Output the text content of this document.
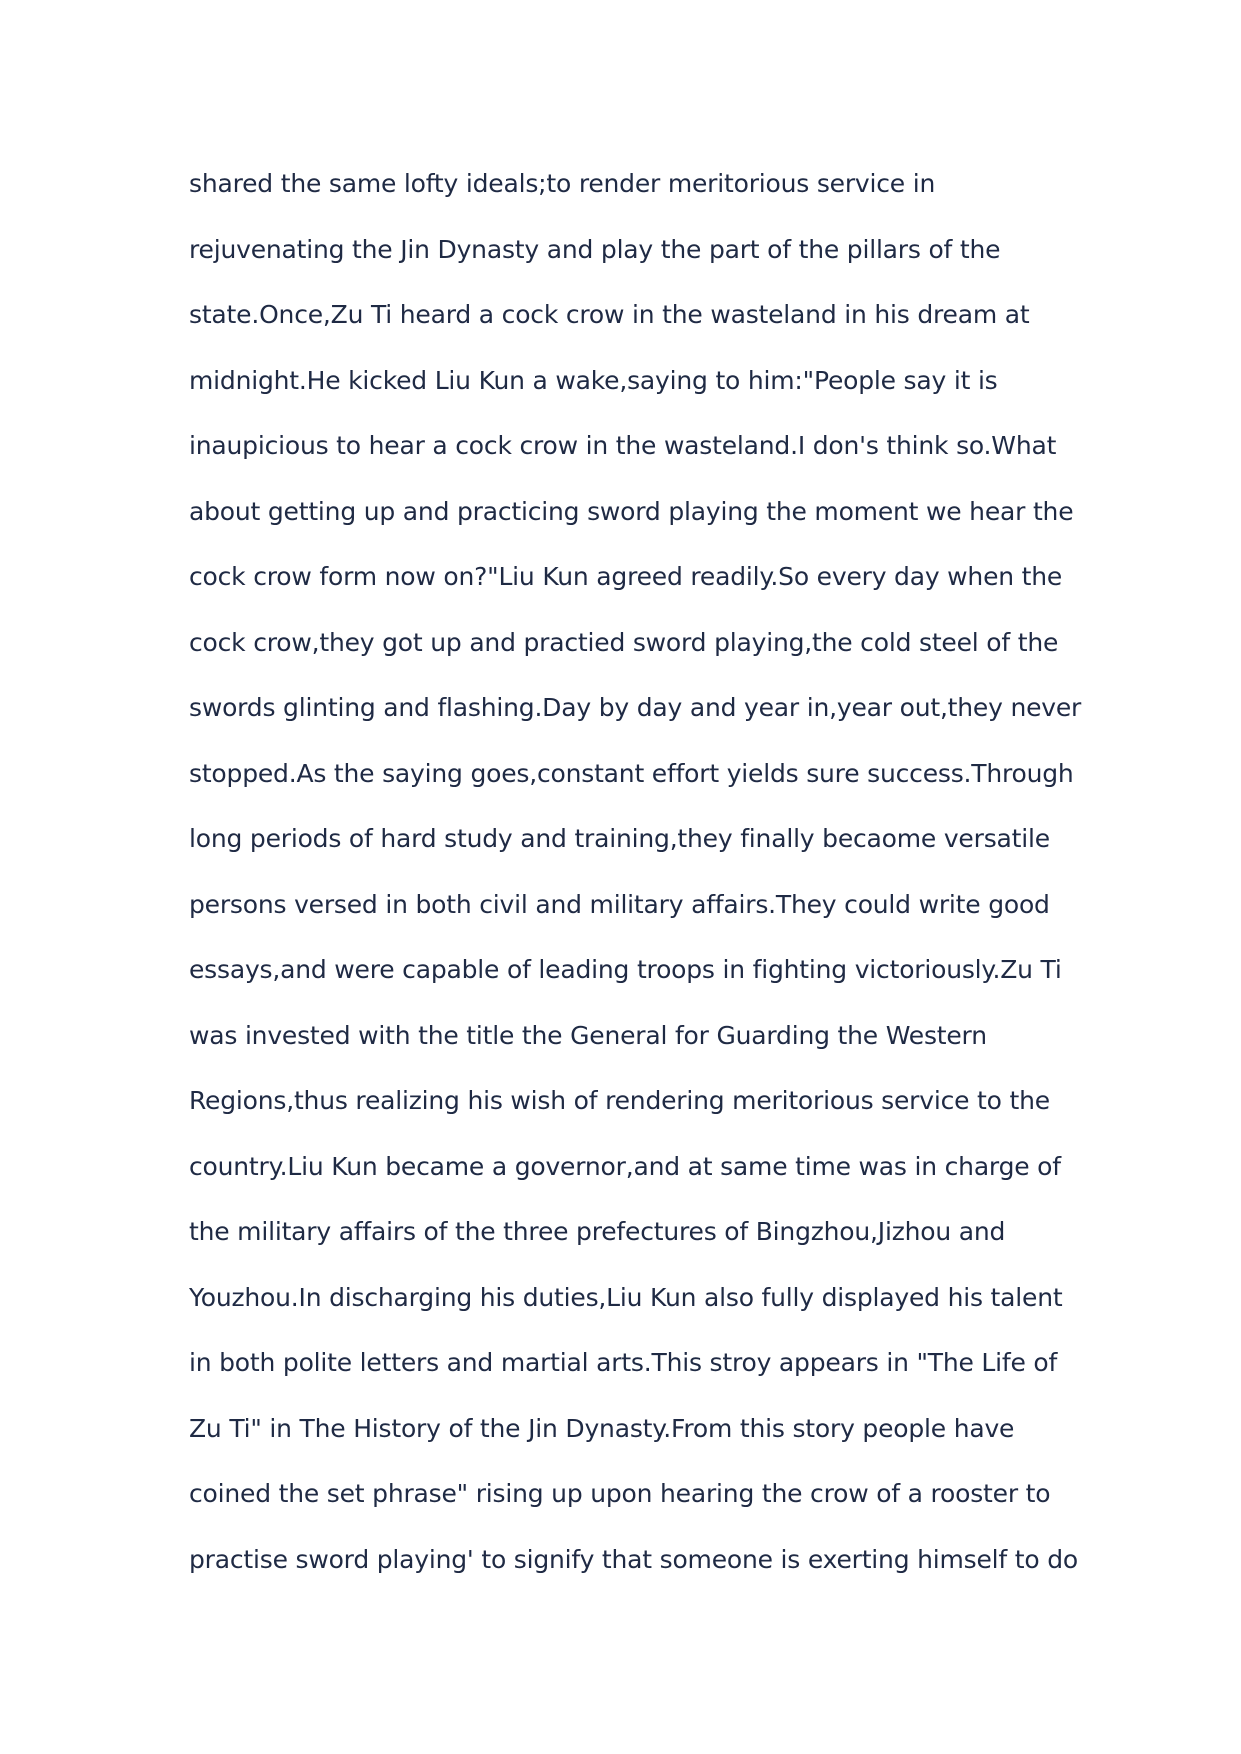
shared the same lofty ideals;to render meritorious service in
rejuvenating the Jin Dynasty and play the part of the pillars of the
state.Once,Zu Ti heard a cock crow in the wasteland in his dream at
midnight.He kicked Liu Kun a wake,saying to him:"People say it is
inaupicious to hear a cock crow in the wasteland.I don's think so.What
about getting up and practicing sword playing the moment we hear the
cock crow form now on?"Liu Kun agreed readily.So every day when the
cock crow,they got up and practied sword playing,the cold steel of the
swords glinting and flashing.Day by day and year in,year out,they never
stopped.As the saying goes,constant effort yields sure success.Through
long periods of hard study and training,they finally becaome versatile
persons versed in both civil and military affairs.They could write good
essays,and were capable of leading troops in fighting victoriously.Zu Ti
was invested with the title the General for Guarding the Western
Regions,thus realizing his wish of rendering meritorious service to the
country.Liu Kun became a governor,and at same time was in charge of
the military affairs of the three prefectures of Bingzhou,Jizhou and
Youzhou.In discharging his duties,Liu Kun also fully displayed his talent
in both polite letters and martial arts.This stroy appears in "The Life of
Zu Ti" in The History of the Jin Dynasty.From this story people have
coined the set phrase" rising up upon hearing the crow of a rooster to
practise sword playing' to signify that someone is exerting himself to do
